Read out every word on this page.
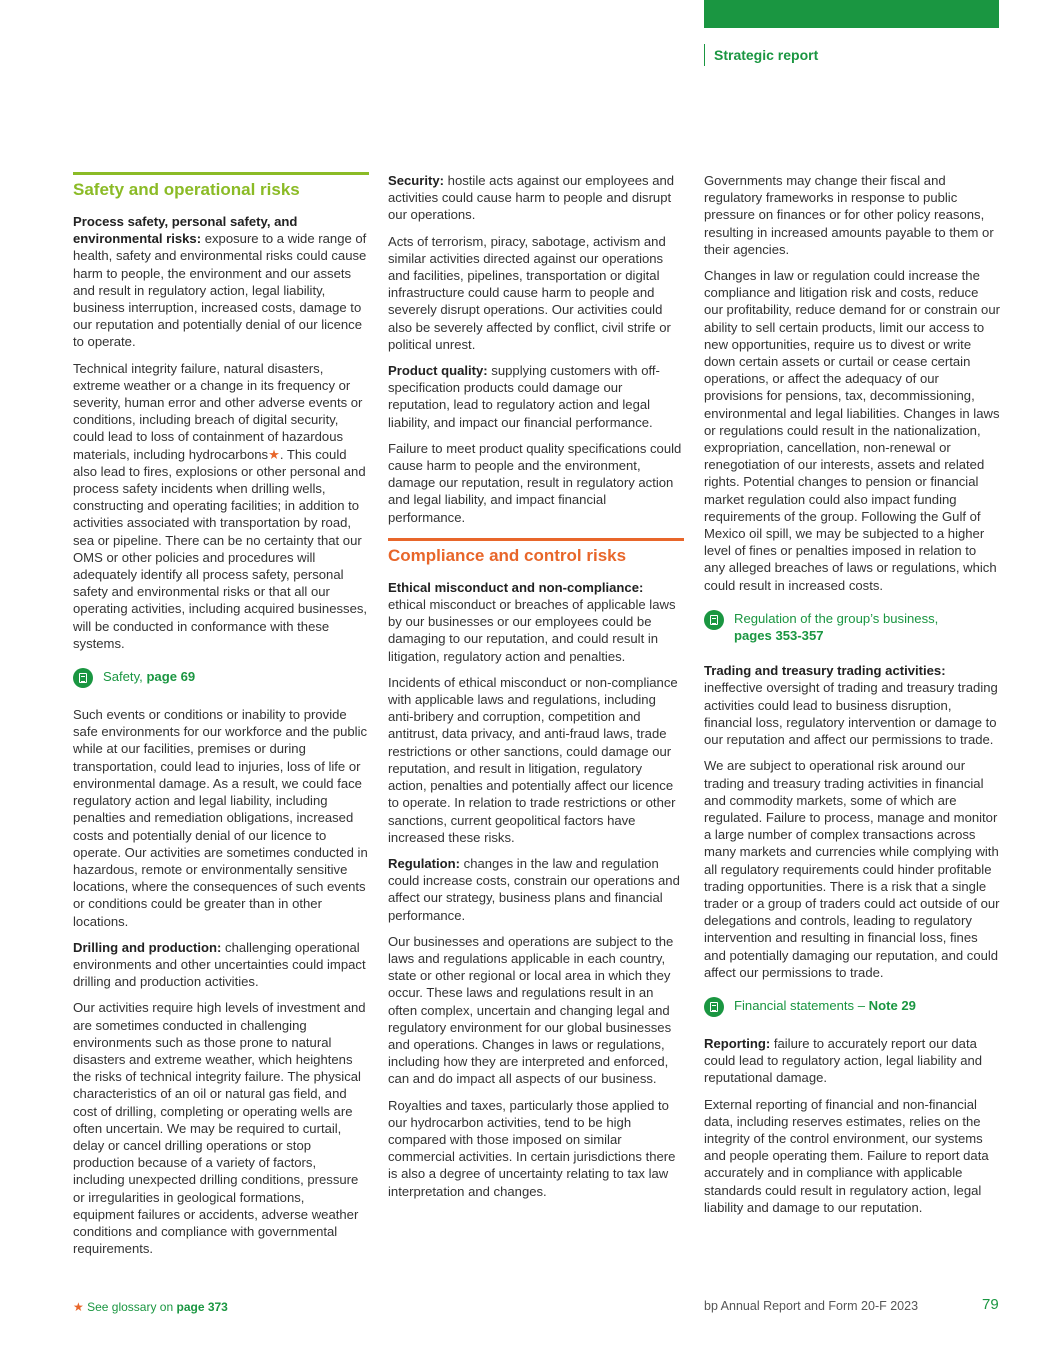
Strategic report
Safety and operational risks

Process safety, personal safety, and environmental risks: exposure to a wide range of health, safety and environmental risks could cause harm to people, the environment and our assets and result in regulatory action, legal liability, business interruption, increased costs, damage to our reputation and potentially denial of our licence to operate.

Technical integrity failure, natural disasters, extreme weather or a change in its frequency or severity, human error and other adverse events or conditions, including breach of digital security, could lead to loss of containment of hazardous materials, including hydrocarbons★. This could also lead to fires, explosions or other personal and process safety incidents when drilling wells, constructing and operating facilities; in addition to activities associated with transportation by road, sea or pipeline. There can be no certainty that our OMS or other policies and procedures will adequately identify all process safety, personal safety and environmental risks or that all our operating activities, including acquired businesses, will be conducted in conformance with these systems.

Safety, page 69

Such events or conditions or inability to provide safe environments for our workforce and the public while at our facilities, premises or during transportation, could lead to injuries, loss of life or environmental damage. As a result, we could face regulatory action and legal liability, including penalties and remediation obligations, increased costs and potentially denial of our licence to operate. Our activities are sometimes conducted in hazardous, remote or environmentally sensitive locations, where the consequences of such events or conditions could be greater than in other locations.

Drilling and production: challenging operational environments and other uncertainties could impact drilling and production activities.

Our activities require high levels of investment and are sometimes conducted in challenging environments such as those prone to natural disasters and extreme weather, which heightens the risks of technical integrity failure. The physical characteristics of an oil or natural gas field, and cost of drilling, completing or operating wells are often uncertain. We may be required to curtail, delay or cancel drilling operations or stop production because of a variety of factors, including unexpected drilling conditions, pressure or irregularities in geological formations, equipment failures or accidents, adverse weather conditions and compliance with governmental requirements.

Security: hostile acts against our employees and activities could cause harm to people and disrupt our operations.

Acts of terrorism, piracy, sabotage, activism and similar activities directed against our operations and facilities, pipelines, transportation or digital infrastructure could cause harm to people and severely disrupt operations. Our activities could also be severely affected by conflict, civil strife or political unrest.

Product quality: supplying customers with off-specification products could damage our reputation, lead to regulatory action and legal liability, and impact our financial performance.

Failure to meet product quality specifications could cause harm to people and the environment, damage our reputation, result in regulatory action and legal liability, and impact financial performance.

Compliance and control risks

Ethical misconduct and non-compliance: ethical misconduct or breaches of applicable laws by our businesses or our employees could be damaging to our reputation, and could result in litigation, regulatory action and penalties.

Incidents of ethical misconduct or non-compliance with applicable laws and regulations, including anti-bribery and corruption, competition and antitrust, data privacy, and anti-fraud laws, trade restrictions or other sanctions, could damage our reputation, and result in litigation, regulatory action, penalties and potentially affect our licence to operate. In relation to trade restrictions or other sanctions, current geopolitical factors have increased these risks.

Regulation: changes in the law and regulation could increase costs, constrain our operations and affect our strategy, business plans and financial performance.

Our businesses and operations are subject to the laws and regulations applicable in each country, state or other regional or local area in which they occur. These laws and regulations result in an often complex, uncertain and changing legal and regulatory environment for our global businesses and operations. Changes in laws or regulations, including how they are interpreted and enforced, can and do impact all aspects of our business.

Royalties and taxes, particularly those applied to our hydrocarbon activities, tend to be high compared with those imposed on similar commercial activities. In certain jurisdictions there is also a degree of uncertainty relating to tax law interpretation and changes.

Governments may change their fiscal and regulatory frameworks in response to public pressure on finances or for other policy reasons, resulting in increased amounts payable to them or their agencies.

Changes in law or regulation could increase the compliance and litigation risk and costs, reduce our profitability, reduce demand for or constrain our ability to sell certain products, limit our access to new opportunities, require us to divest or write down certain assets or curtail or cease certain operations, or affect the adequacy of our provisions for pensions, tax, decommissioning, environmental and legal liabilities. Changes in laws or regulations could result in the nationalization, expropriation, cancellation, non-renewal or renegotiation of our interests, assets and related rights. Potential changes to pension or financial market regulation could also impact funding requirements of the group. Following the Gulf of Mexico oil spill, we may be subjected to a higher level of fines or penalties imposed in relation to any alleged breaches of laws or regulations, which could result in increased costs.

Regulation of the group’s business,
pages 353-357

Trading and treasury trading activities: ineffective oversight of trading and treasury trading activities could lead to business disruption, financial loss, regulatory intervention or damage to our reputation and affect our permissions to trade.

We are subject to operational risk around our trading and treasury trading activities in financial and commodity markets, some of which are regulated. Failure to process, manage and monitor a large number of complex transactions across many markets and currencies while complying with all regulatory requirements could hinder profitable trading opportunities. There is a risk that a single trader or a group of traders could act outside of our delegations and controls, leading to regulatory intervention and resulting in financial loss, fines and potentially damaging our reputation, and could affect our permissions to trade.

Financial statements – Note 29

Reporting: failure to accurately report our data could lead to regulatory action, legal liability and reputational damage.

External reporting of financial and non-financial data, including reserves estimates, relies on the integrity of the control environment, our systems and people operating them. Failure to report data accurately and in compliance with applicable standards could result in regulatory action, legal liability and damage to our reputation.

★ See glossary on page 373	bp Annual Report and Form 20-F 2023	79
